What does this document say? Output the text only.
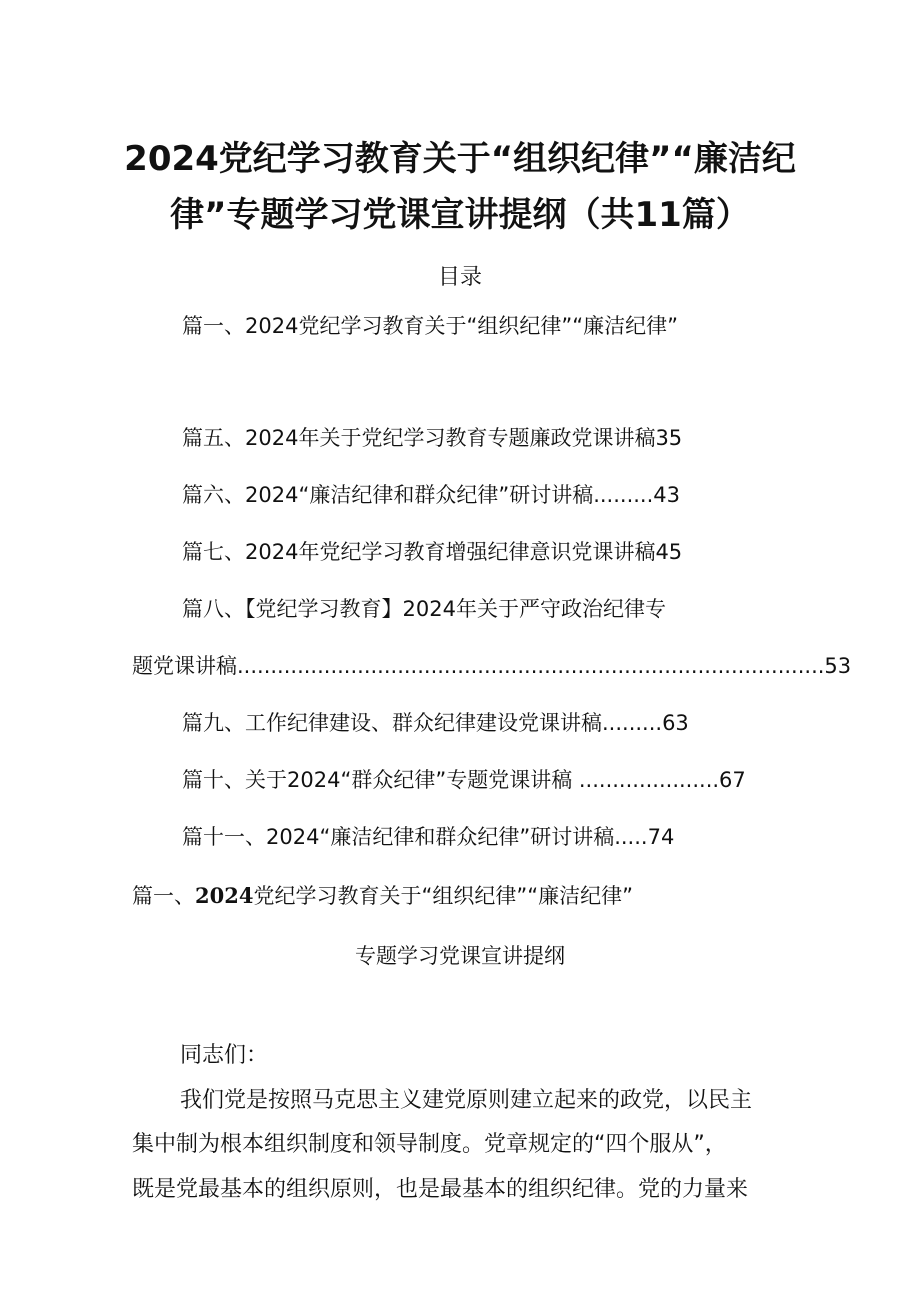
2024党纪学习教育关于“组织纪律”“廉洁纪
律”专题学习党课宣讲提纲（共11篇）
目录
篇一、2024党纪学习教育关于“组织纪律”“廉洁纪律”
篇五、2024年关于党纪学习教育专题廉政党课讲稿35
篇六、2024“廉洁纪律和群众纪律”研讨讲稿.........43
篇七、2024年党纪学习教育增强纪律意识党课讲稿45
篇八、【党纪学习教育】2024年关于严守政治纪律专
题党课讲稿........................................................................................53
篇九、工作纪律建设、群众纪律建设党课讲稿.........63
篇十、关于2024“群众纪律”专题党课讲稿 .....................67
篇十一、2024“廉洁纪律和群众纪律”研讨讲稿.....74
篇一、2024党纪学习教育关于“组织纪律”“廉洁纪律”
专题学习党课宣讲提纲
同志们：
我们党是按照马克思主义建党原则建立起来的政党，以民主
集中制为根本组织制度和领导制度。党章规定的“四个服从”，
既是党最基本的组织原则，也是最基本的组织纪律。党的力量来
